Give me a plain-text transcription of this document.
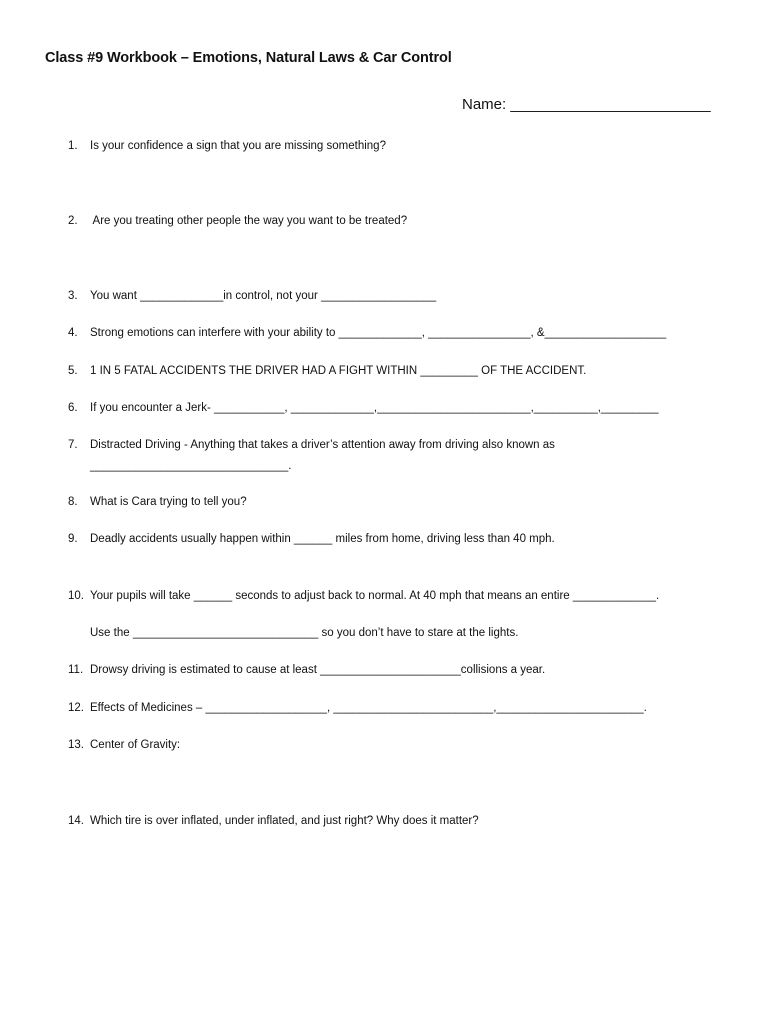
Class #9 Workbook – Emotions, Natural Laws & Car Control
Name: ________________________
1. Is your confidence a sign that you are missing something?
2. Are you treating other people the way you want to be treated?
3. You want _____________in control, not your __________________
4. Strong emotions can interfere with your ability to _____________, ________________, &___________________
5. 1 IN 5 FATAL ACCIDENTS THE DRIVER HAD A FIGHT WITHIN _________ OF THE ACCIDENT.
6. If you encounter a Jerk- ___________, _____________,________________________,__________,_________
7. Distracted Driving - Anything that takes a driver’s attention away from driving also known as
_______________________________.
8. What is Cara trying to tell you?
9. Deadly accidents usually happen within ______ miles from home, driving less than 40 mph.
10. Your pupils will take ______ seconds to adjust back to normal. At 40 mph that means an entire _____________.
Use the _____________________________ so you don’t have to stare at the lights.
11. Drowsy driving is estimated to cause at least ______________________collisions a year.
12. Effects of Medicines – ___________________, _________________________,_______________________.
13. Center of Gravity:
14. Which tire is over inflated, under inflated, and just right? Why does it matter?
